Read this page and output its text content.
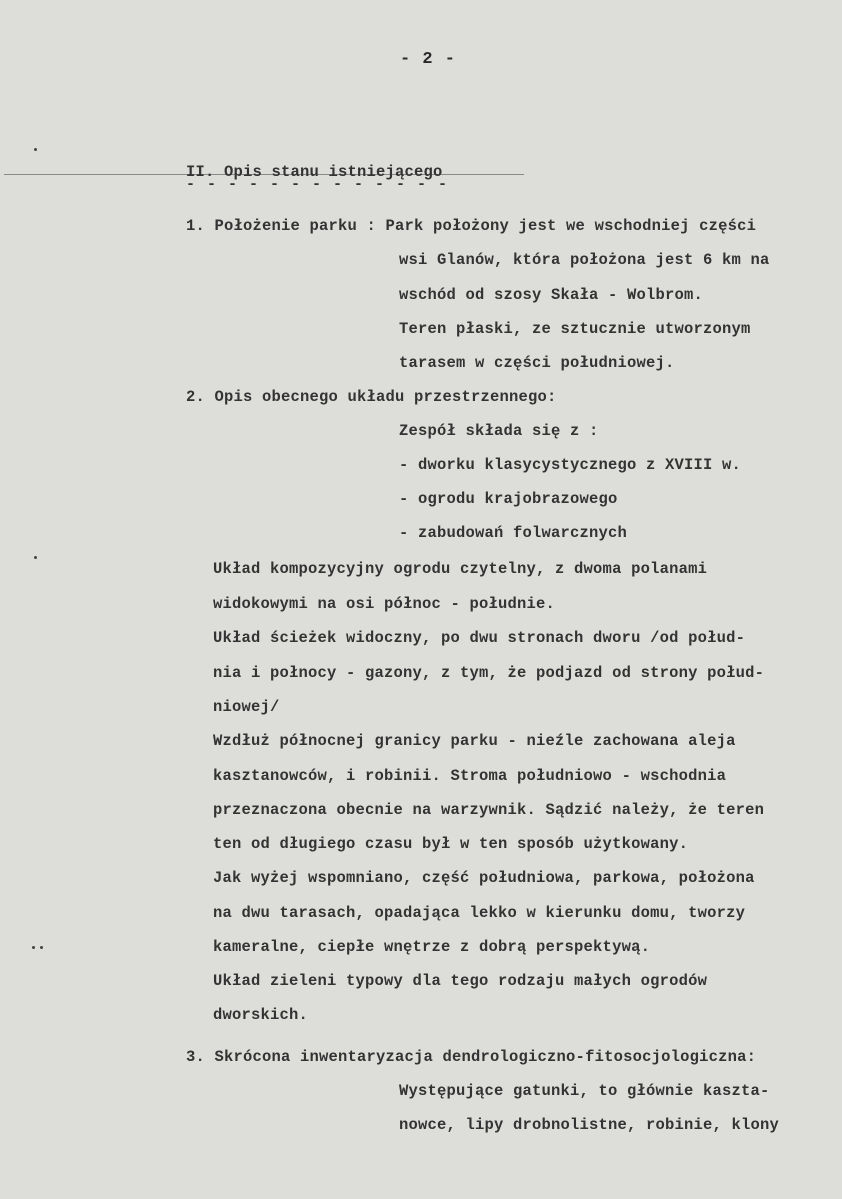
- 2 -
II. Opis stanu istniejącego
- - - - - - - - - - - - -
1. Położenie parku : Park położony jest we wschodniej części
wsi Glanów, która położona jest 6 km na
wschód od szosy Skała - Wolbrom.
Teren płaski, ze sztucznie utworzonym
tarasem w części południowej.
2. Opis obecnego układu przestrzennego:
Zespół składa się z :
- dworku klasycystycznego z XVIII w.
- ogrodu krajobrazowego
- zabudowań folwarcznych
Układ kompozycyjny ogrodu czytelny, z dwoma polanami
widokowymi na osi północ - południe.
Układ ścieżek widoczny, po dwu stronach dworu /od połud-
nia i połnocy - gazony, z tym, że podjazd od strony połud-
niowej/
Wzdłuż północnej granicy parku - nieźle zachowana aleja
kasztanowców, i robinii. Stroma południowo - wschodnia
przeznaczona obecnie na warzywnik. Sądzić należy, że teren
ten od długiego czasu był w ten sposób użytkowany.
Jak wyżej wspomniano, część południowa, parkowa, położona
na dwu tarasach, opadająca lekko w kierunku domu, tworzy
kameralne, ciepłe wnętrze z dobrą perspektywą.
Układ zieleni typowy dla tego rodzaju małych ogrodów
dworskich.
3. Skrócona inwentaryzacja dendrologiczno-fitosocjologiczna:
Występujące gatunki, to głównie kaszta-
nowce, lipy drobnolistne, robinie, klony
